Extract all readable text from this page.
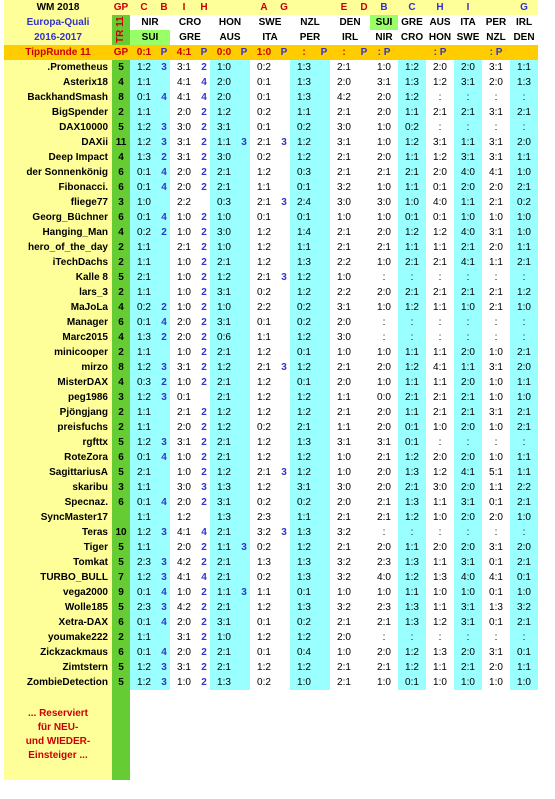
WM 2018	GP	C	B	I	H			A	G			E	D	B	C	H	I		G				
Europa-Quali	TR 11	NIR		CRO		HON		SWE		NZL		DEN		SUI	GRE	AUS	ITA	PER	IRL	
2016-2017		SUI		GRE		AUS		ITA		PER		IRL		NIR	CRO	HON	SWE	NZL	DEN	
TippRunde 11	GP	0:1	P	4:1	P	0:0	P	1:0	P	:	P	:	P	: P		: P		: P							
.Prometheus	5	1:2	3	3:1	2	1:0		0:2		1:3		2:1		1:0	1:2	2:0	2:0	3:1	1:1	
Asterix18	4	1:1		4:1	4	2:0		0:1		1:3		2:0		3:1	1:3	1:2	3:1	2:0	1:3	
BackhandSmash	8	0:1	4	4:1	4	2:0		0:1		1:3		4:2		2:0	1:2	:	:	:	:	
BigSpender	2	1:1		2:0	2	1:2		0:2		1:1		2:1		2:0	1:1	2:1	2:1	3:1	2:1	
DAX10000	5	1:2	3	3:0	2	3:1		0:1		0:2		3:0		1:0	0:2	:	:	:	:	
DAXii	11	1:2	3	3:1	2	1:1	3	2:1	3	1:2		3:1		1:0	1:2	3:1	1:1	3:1	2:0	
Deep Impact	4	1:3	2	3:1	2	3:0		0:2		1:2		2:1		2:0	1:1	1:2	3:1	3:1	1:1	
der Sonnenkönig	6	0:1	4	2:0	2	2:1		1:2		0:3		2:1		2:1	2:1	2:0	4:0	4:1	1:0	
Fibonacci.	6	0:1	4	2:0	2	2:1		1:1		0:1		3:2		1:0	1:1	0:1	2:0	2:0	2:1	
fliege77	3	1:0		2:2		0:3		2:1	3	2:4		3:0		3:0	1:0	4:0	1:1	2:1	0:2	
Georg_Büchner	6	0:1	4	1:0	2	1:0		0:1		0:1		1:0		1:0	0:1	0:1	1:0	1:0	1:0	
Hanging_Man	4	0:2	2	1:0	2	3:0		1:2		1:4		2:1		2:0	1:2	1:2	4:0	3:1	1:0	
hero_of_the_day	2	1:1		2:1	2	1:0		1:2		1:1		2:1		2:1	1:1	1:1	2:1	2:0	1:1	
iTechDachs	2	1:1		1:0	2	2:1		1:2		1:3		2:2		1:0	2:1	2:1	4:1	1:1	2:1	
Kalle 8	5	2:1		1:0	2	1:2		2:1	3	1:2		1:0		:	:	:	:	:	:	
lars_3	2	1:1		1:0	2	3:1		0:2		1:2		2:2		2:0	2:1	2:1	2:1	2:1	1:2	
MaJoLa	4	0:2	2	1:0	2	1:0		2:2		0:2		3:1		1:0	1:2	1:1	1:0	2:1	1:0	
Manager	6	0:1	4	2:0	2	3:1		0:1		0:2		2:0		:	:	:	:	:	:	
Marc2015	4	1:3	2	2:0	2	0:6		1:1		1:2		3:0		:	:	:	:	:	:	
minicooper	2	1:1		1:0	2	2:1		1:2		0:1		1:0		1:0	1:1	1:1	2:0	1:0	2:1	
mirzo	8	1:2	3	3:1	2	1:2		2:1	3	1:2		2:1		2:0	1:2	4:1	1:1	3:1	2:0	
MisterDAX	4	0:3	2	1:0	2	2:1		1:2		0:1		2:0		1:0	1:1	1:1	2:0	1:0	1:1	
peg1986	3	1:2	3	0:1		2:1		1:2		1:2		1:1		0:0	2:1	2:1	2:1	1:0	1:0	
Pjöngjang	2	1:1		2:1	2	1:2		1:2		1:2		2:1		2:0	1:1	2:1	2:1	3:1	2:1	
preisfuchs	2	1:1		2:0	2	1:2		0:2		2:1		1:1		2:0	0:1	1:0	2:0	1:0	2:1	
rgfttx	5	1:2	3	3:1	2	2:1		1:2		1:3		3:1		3:1	0:1	:	:	:	:	
RoteZora	6	0:1	4	1:0	2	2:1		1:2		1:2		1:0		2:1	1:2	2:0	2:0	1:0	1:1	
SagittariusA	5	2:1		1:0	2	1:2		2:1	3	1:2		1:0		2:0	1:3	1:2	4:1	5:1	1:1	
skaribu	3	1:1		3:0	3	1:3		1:2		3:1		3:0		2:0	2:1	3:0	2:0	1:1	2:2	
Specnaz.	6	0:1	4	2:0	2	3:1		0:2		0:2		2:0		2:1	1:3	1:1	3:1	0:1	2:1	
SyncMaster17		1:1		1:2		1:3		2:3		1:1		2:1		2:1	1:2	1:0	2:0	2:0	1:0	
Teras	10	1:2	3	4:1	4	2:1		3:2	3	1:3		3:2		:	:	:	:	:	:	
Tiger	5	1:1		2:0	2	1:1	3	0:2		1:2		2:1		2:0	1:1	2:0	2:0	3:1	2:0	
Tomkat	5	2:3	3	4:2	2	2:1		1:3		1:3		3:2		2:3	1:3	1:1	3:1	0:1	2:1	
TURBO_BULL	7	1:2	3	4:1	4	2:1		0:2		1:3		3:2		4:0	1:2	1:3	4:0	4:1	0:1	
vega2000	9	0:1	4	1:0	2	1:1	3	1:1		0:1		1:0		1:0	1:1	1:0	1:0	0:1	1:0	
Wolle185	5	2:3	3	4:2	2	2:1		1:2		1:3		3:2		2:3	1:3	1:1	3:1	1:3	3:2	
Xetra-DAX	6	0:1	4	2:0	2	3:1		0:1		0:2		2:1		2:1	1:3	1:2	3:1	0:1	2:1	
youmake222	2	1:1		3:1	2	1:0		1:2		1:2		2:0		:	:	:	:	:	:	
Zickzackmaus	6	0:1	4	2:0	2	2:1		0:1		0:4		1:0		2:0	1:2	1:3	2:0	3:1	0:1	
Zimtstern	5	1:2	3	3:1	2	2:1		1:2		1:2		2:1		2:1	1:2	1:1	2:1	2:0	1:1	
ZombieDetection	5	1:2	3	1:0	2	1:3		0:2		1:0		2:1		1:0	0:1	1:0	1:0	1:0	1:0	

... Reserviert
für NEU-
und WIEDER-
Einsteiger ...																				
